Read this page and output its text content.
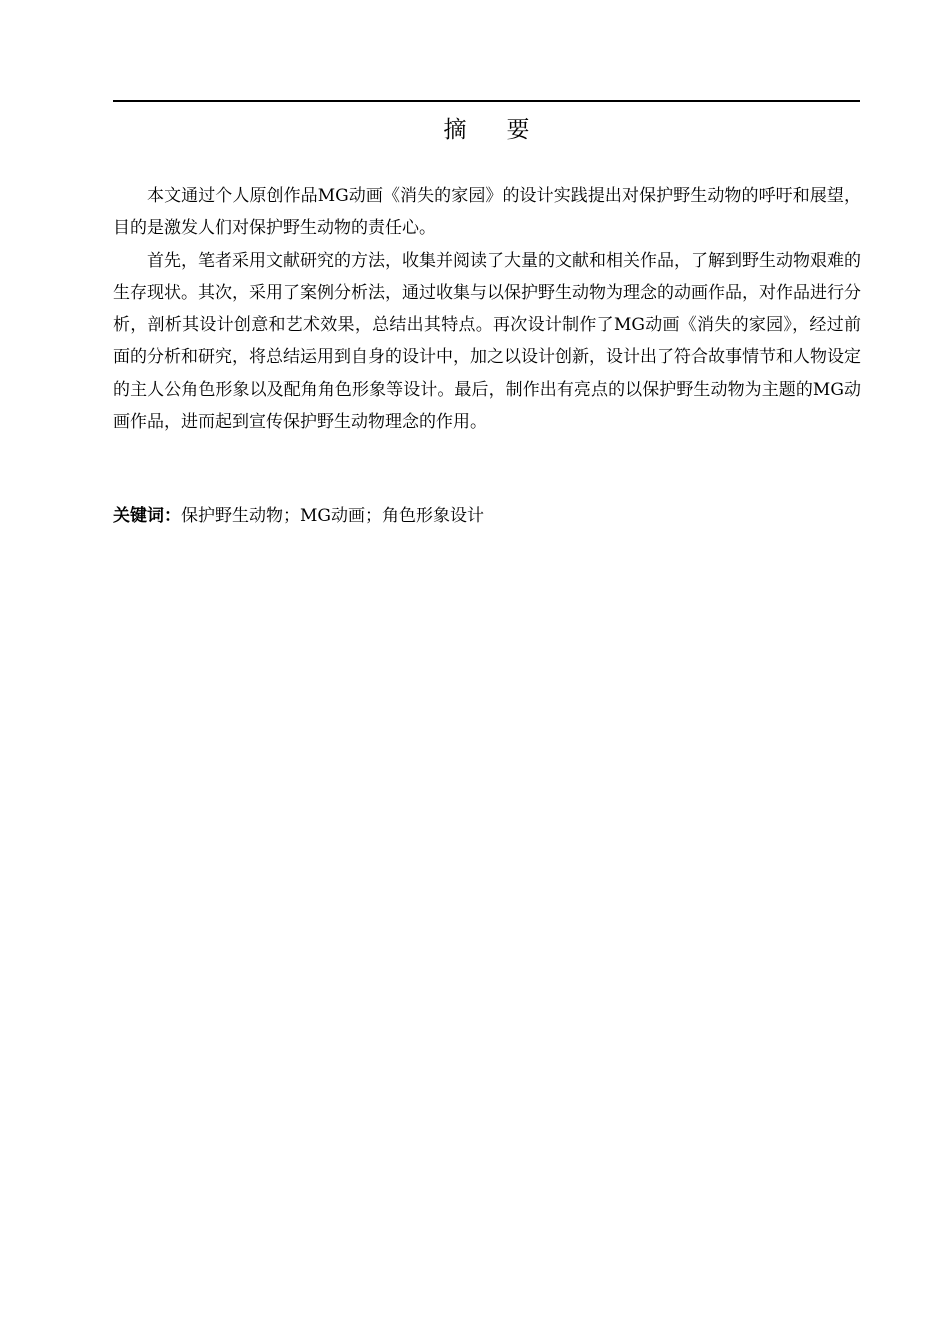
摘 要

本文通过个人原创作品MG动画《消失的家园》的设计实践提出对保护野生动物的呼吁和展望，目的是激发人们对保护野生动物的责任心。

首先，笔者采用文献研究的方法，收集并阅读了大量的文献和相关作品，了解到野生动物艰难的生存现状。其次，采用了案例分析法，通过收集与以保护野生动物为理念的动画作品，对作品进行分析，剖析其设计创意和艺术效果，总结出其特点。再次设计制作了MG动画《消失的家园》，经过前面的分析和研究，将总结运用到自身的设计中，加之以设计创新，设计出了符合故事情节和人物设定的主人公角色形象以及配角角色形象等设计。最后，制作出有亮点的以保护野生动物为主题的MG动画作品，进而起到宣传保护野生动物理念的作用。

关键词：保护野生动物；MG动画；角色形象设计
